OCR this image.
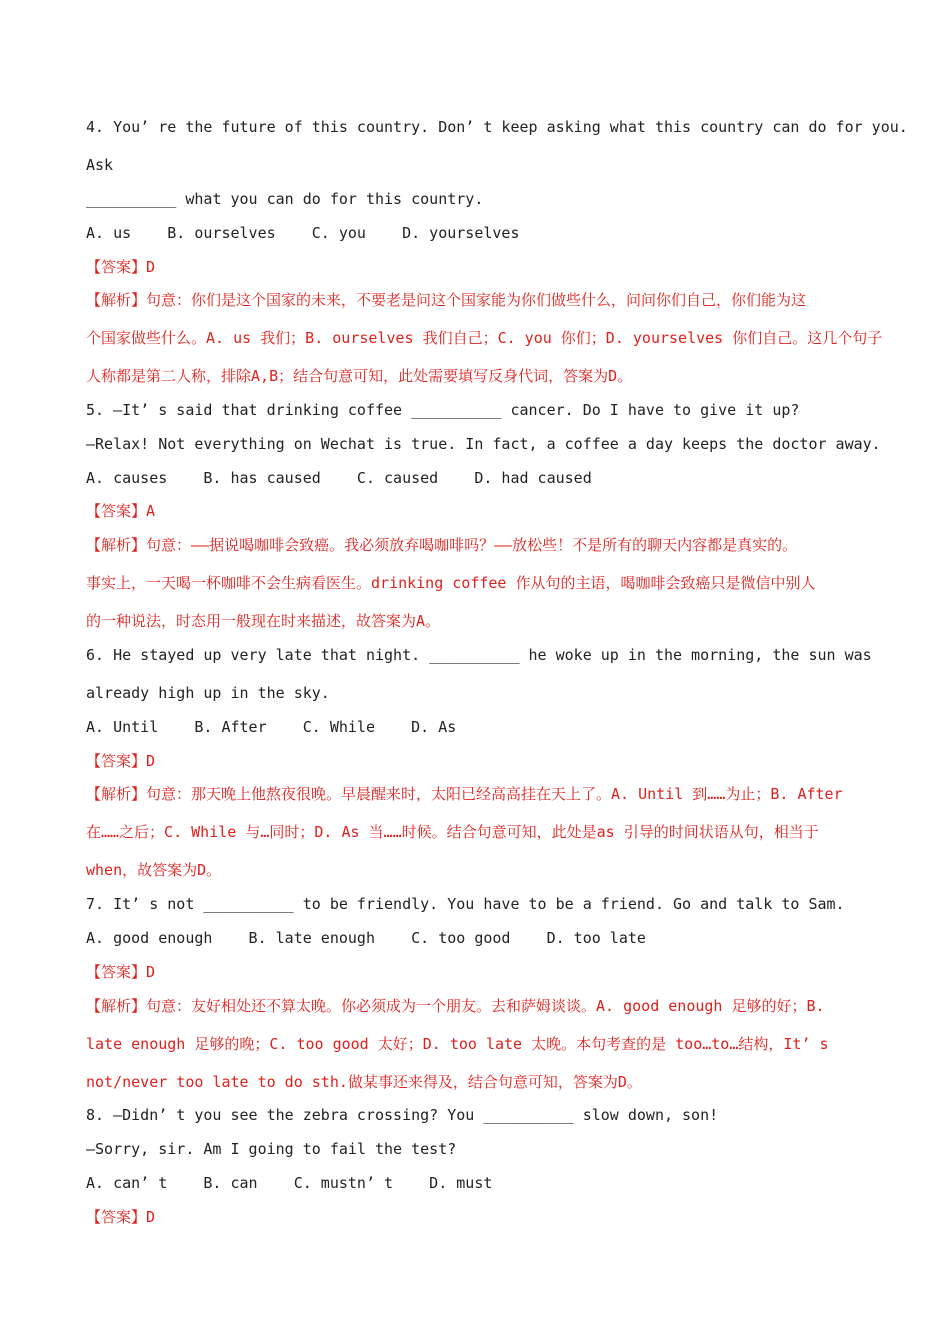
4. You’ re the future of this country. Don’ t keep asking what this country can do for you.
Ask
__________ what you can do for this country.
A. us    B. ourselves    C. you    D. yourselves
【答案】D
【解析】句意：你们是这个国家的未来，不要老是问这个国家能为你们做些什么，问问你们自己，你们能为这
个国家做些什么。A. us 我们；B. ourselves 我们自己；C. you 你们；D. yourselves 你们自己。这几个句子
人称都是第二人称，排除A,B；结合句意可知，此处需要填写反身代词，答案为D。
5. —It’ s said that drinking coffee __________ cancer. Do I have to give it up?
—Relax! Not everything on Wechat is true. In fact, a coffee a day keeps the doctor away.
A. causes    B. has caused    C. caused    D. had caused
【答案】A
【解析】句意：——据说喝咖啡会致癌。我必须放弃喝咖啡吗？——放松些！不是所有的聊天内容都是真实的。
事实上，一天喝一杯咖啡不会生病看医生。drinking coffee 作从句的主语，喝咖啡会致癌只是微信中别人
的一种说法，时态用一般现在时来描述，故答案为A。
6. He stayed up very late that night. __________ he woke up in the morning, the sun was
already high up in the sky.
A. Until    B. After    C. While    D. As
【答案】D
【解析】句意：那天晚上他熬夜很晚。早晨醒来时，太阳已经高高挂在天上了。A. Until 到……为止；B. After
在……之后；C. While 与…同时；D. As 当……时候。结合句意可知，此处是as 引导的时间状语从句，相当于
when，故答案为D。
7. It’ s not __________ to be friendly. You have to be a friend. Go and talk to Sam.
A. good enough    B. late enough    C. too good    D. too late
【答案】D
【解析】句意：友好相处还不算太晚。你必须成为一个朋友。去和萨姆谈谈。A. good enough 足够的好；B.
late enough 足够的晚；C. too good 太好；D. too late 太晚。本句考查的是 too…to…结构，It’ s
not/never too late to do sth.做某事还来得及，结合句意可知，答案为D。
8. —Didn’ t you see the zebra crossing? You __________ slow down, son!
—Sorry, sir. Am I going to fail the test?
A. can’ t    B. can    C. mustn’ t    D. must
【答案】D
